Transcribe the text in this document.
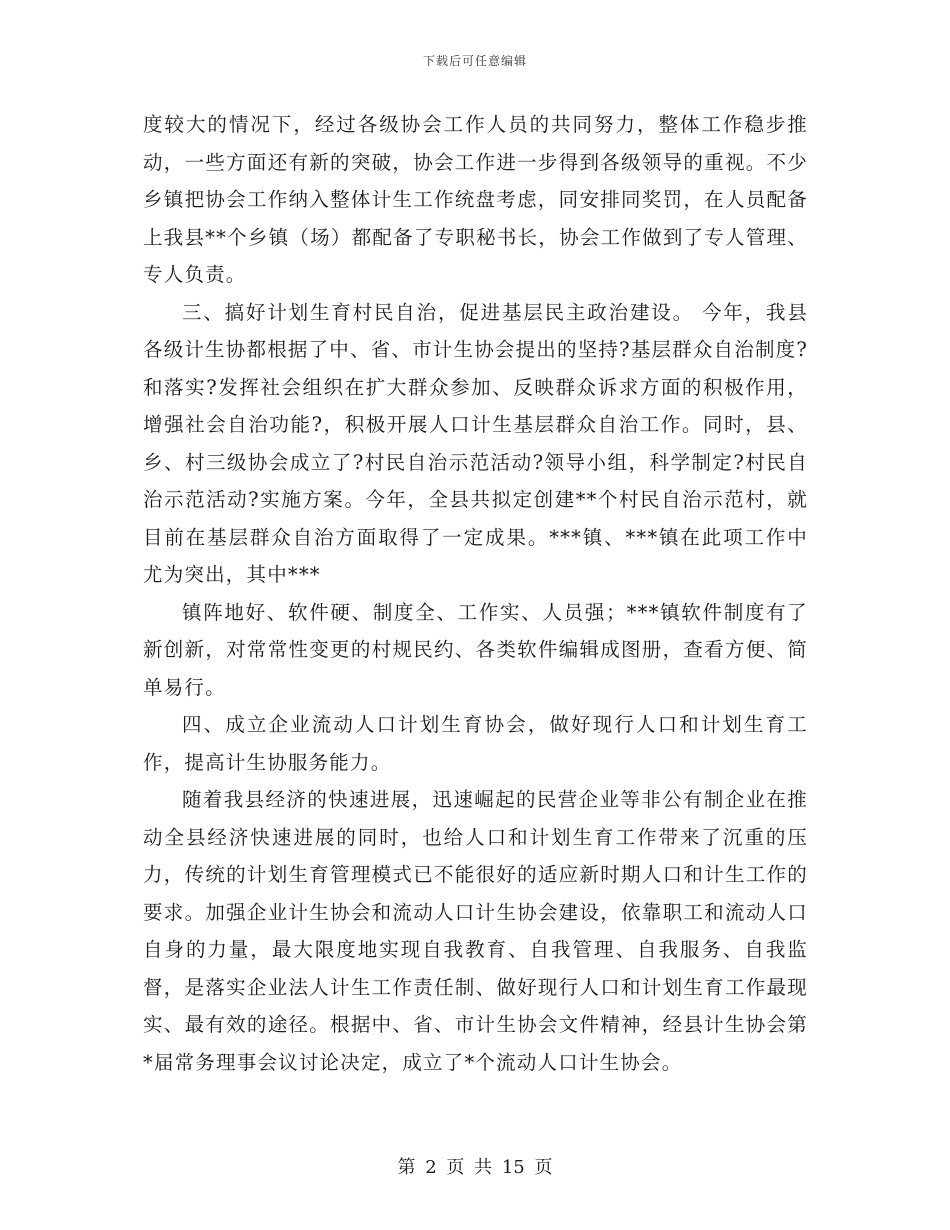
下载后可任意编辑

度较大的情况下，经过各级协会工作人员的共同努力，整体工作稳步推动，一些方面还有新的突破，协会工作进一步得到各级领导的重视。不少乡镇把协会工作纳入整体计生工作统盘考虑，同安排同奖罚，在人员配备上我县**个乡镇（场）都配备了专职秘书长，协会工作做到了专人管理、专人负责。

三、搞好计划生育村民自治，促进基层民主政治建设。 今年，我县各级计生协都根据了中、省、市计生协会提出的坚持?基层群众自治制度?和落实?发挥社会组织在扩大群众参加、反映群众诉求方面的积极作用，增强社会自治功能?，积极开展人口计生基层群众自治工作。同时，县、乡、村三级协会成立了?村民自治示范活动?领导小组，科学制定?村民自治示范活动?实施方案。今年，全县共拟定创建**个村民自治示范村，就目前在基层群众自治方面取得了一定成果。***镇、***镇在此项工作中尤为突出，其中***

镇阵地好、软件硬、制度全、工作实、人员强；***镇软件制度有了新创新，对常常性变更的村规民约、各类软件编辑成图册，查看方便、简单易行。

四、成立企业流动人口计划生育协会，做好现行人口和计划生育工作，提高计生协服务能力。

随着我县经济的快速进展，迅速崛起的民营企业等非公有制企业在推动全县经济快速进展的同时，也给人口和计划生育工作带来了沉重的压力，传统的计划生育管理模式已不能很好的适应新时期人口和计生工作的要求。加强企业计生协会和流动人口计生协会建设，依靠职工和流动人口自身的力量，最大限度地实现自我教育、自我管理、自我服务、自我监督，是落实企业法人计生工作责任制、做好现行人口和计划生育工作最现实、最有效的途径。根据中、省、市计生协会文件精神，经县计生协会第*届常务理事会议讨论决定，成立了*个流动人口计生协会。

第 2 页 共 15 页
